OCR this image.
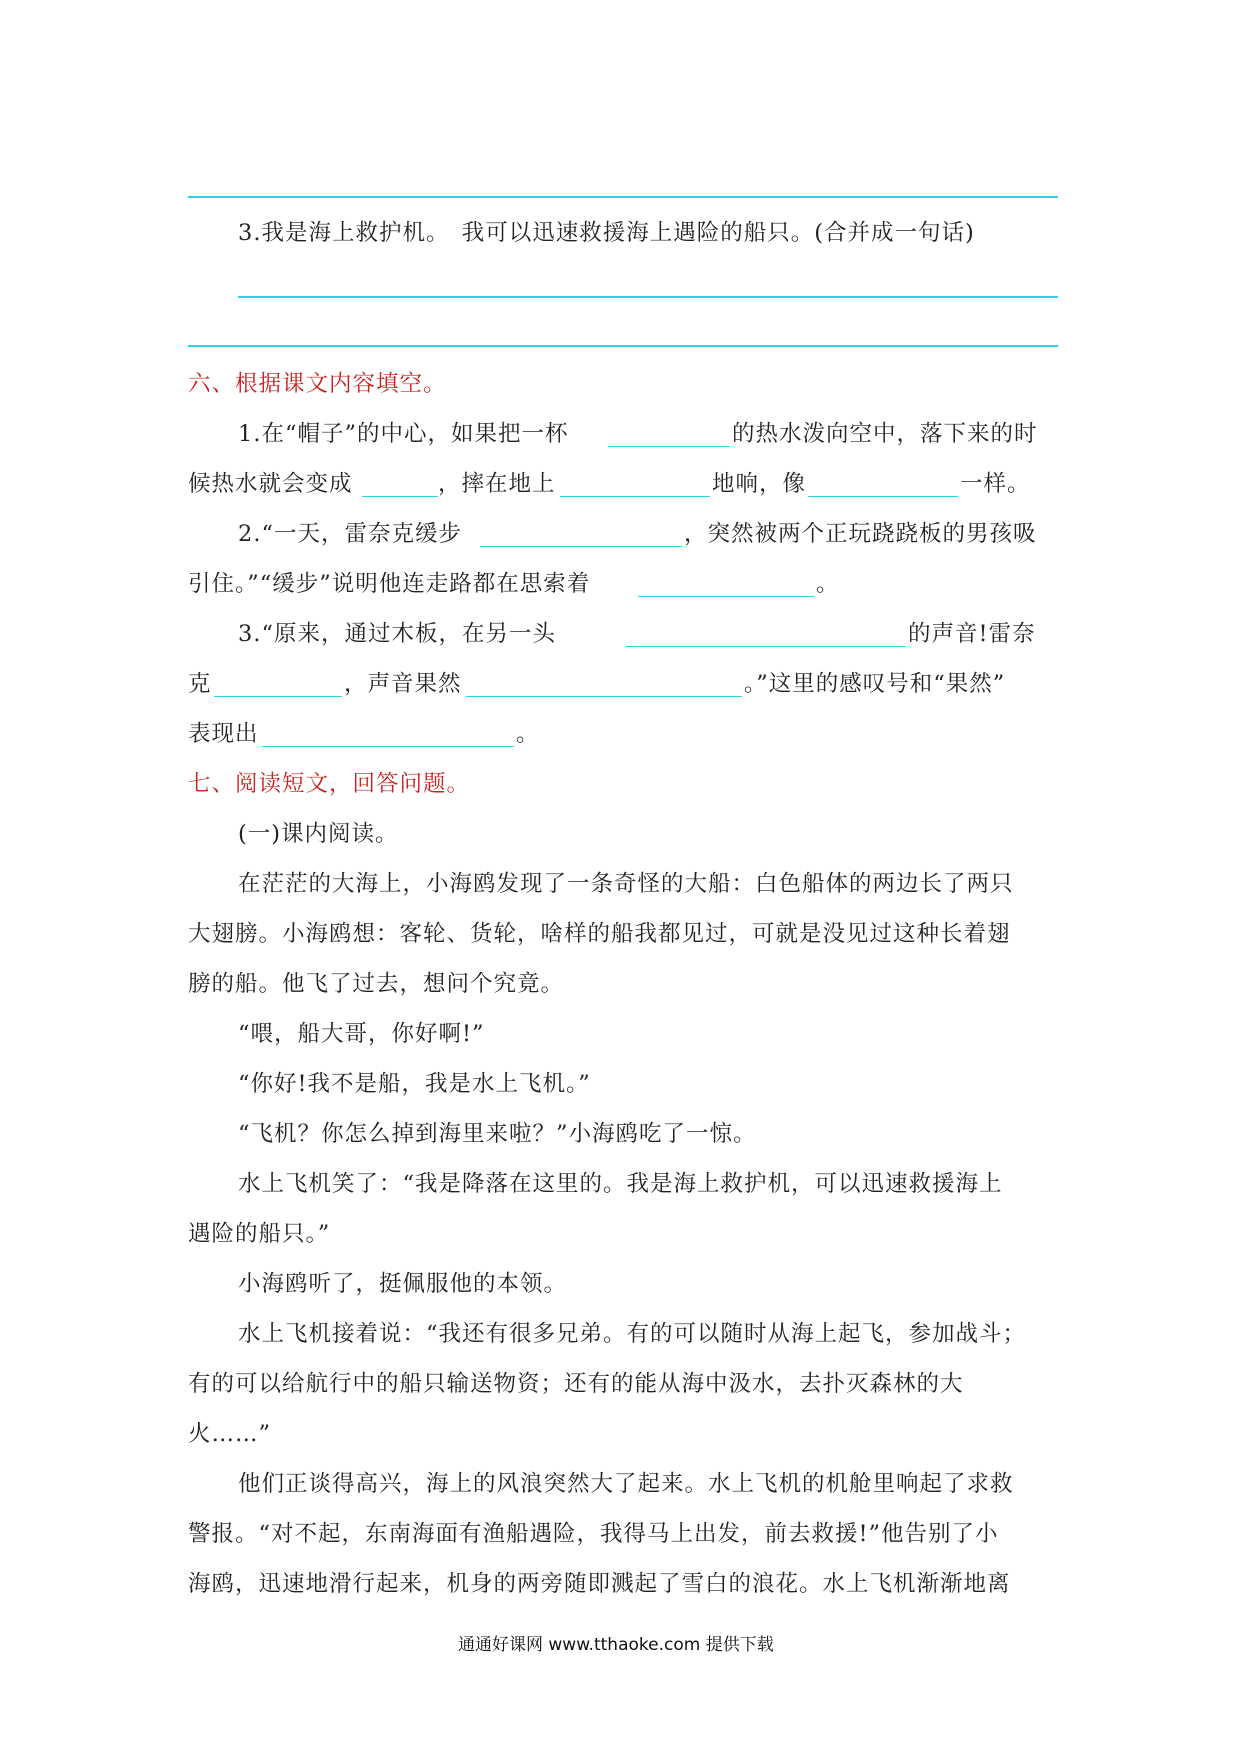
3.我是海上救护机。　我可以迅速救援海上遇险的船只。(合并成一句话)
六、根据课文内容填空。
1.在“帽子”的中心，如果把一杯	的热水泼向空中，落下来的时
候热水就会变成	，摔在地上	地响，像	一样。
2.“一天，雷奈克缓步	，突然被两个正玩跷跷板的男孩吸
引住。”“缓步”说明他连走路都在思索着	。
3.“原来，通过木板，在另一头	的声音!雷奈
克	，声音果然	。”这里的感叹号和“果然”
表现出	。
七、阅读短文，回答问题。
(一)课内阅读。
在茫茫的大海上，小海鸥发现了一条奇怪的大船：白色船体的两边长了两只
大翅膀。小海鸥想：客轮、货轮，啥样的船我都见过，可就是没见过这种长着翅
膀的船。他飞了过去，想问个究竟。
“喂，船大哥，你好啊!”
“你好!我不是船，我是水上飞机。”
“飞机？你怎么掉到海里来啦？”小海鸥吃了一惊。
水上飞机笑了：“我是降落在这里的。我是海上救护机，可以迅速救援海上
遇险的船只。”
小海鸥听了，挺佩服他的本领。
水上飞机接着说：“我还有很多兄弟。有的可以随时从海上起飞，参加战斗；
有的可以给航行中的船只输送物资；还有的能从海中汲水，去扑灭森林的大
火……”
他们正谈得高兴，海上的风浪突然大了起来。水上飞机的机舱里响起了求救
警报。“对不起，东南海面有渔船遇险，我得马上出发，前去救援!”他告别了小
海鸥，迅速地滑行起来，机身的两旁随即溅起了雪白的浪花。水上飞机渐渐地离
通通好课网 www.tthaoke.com 提供下载
